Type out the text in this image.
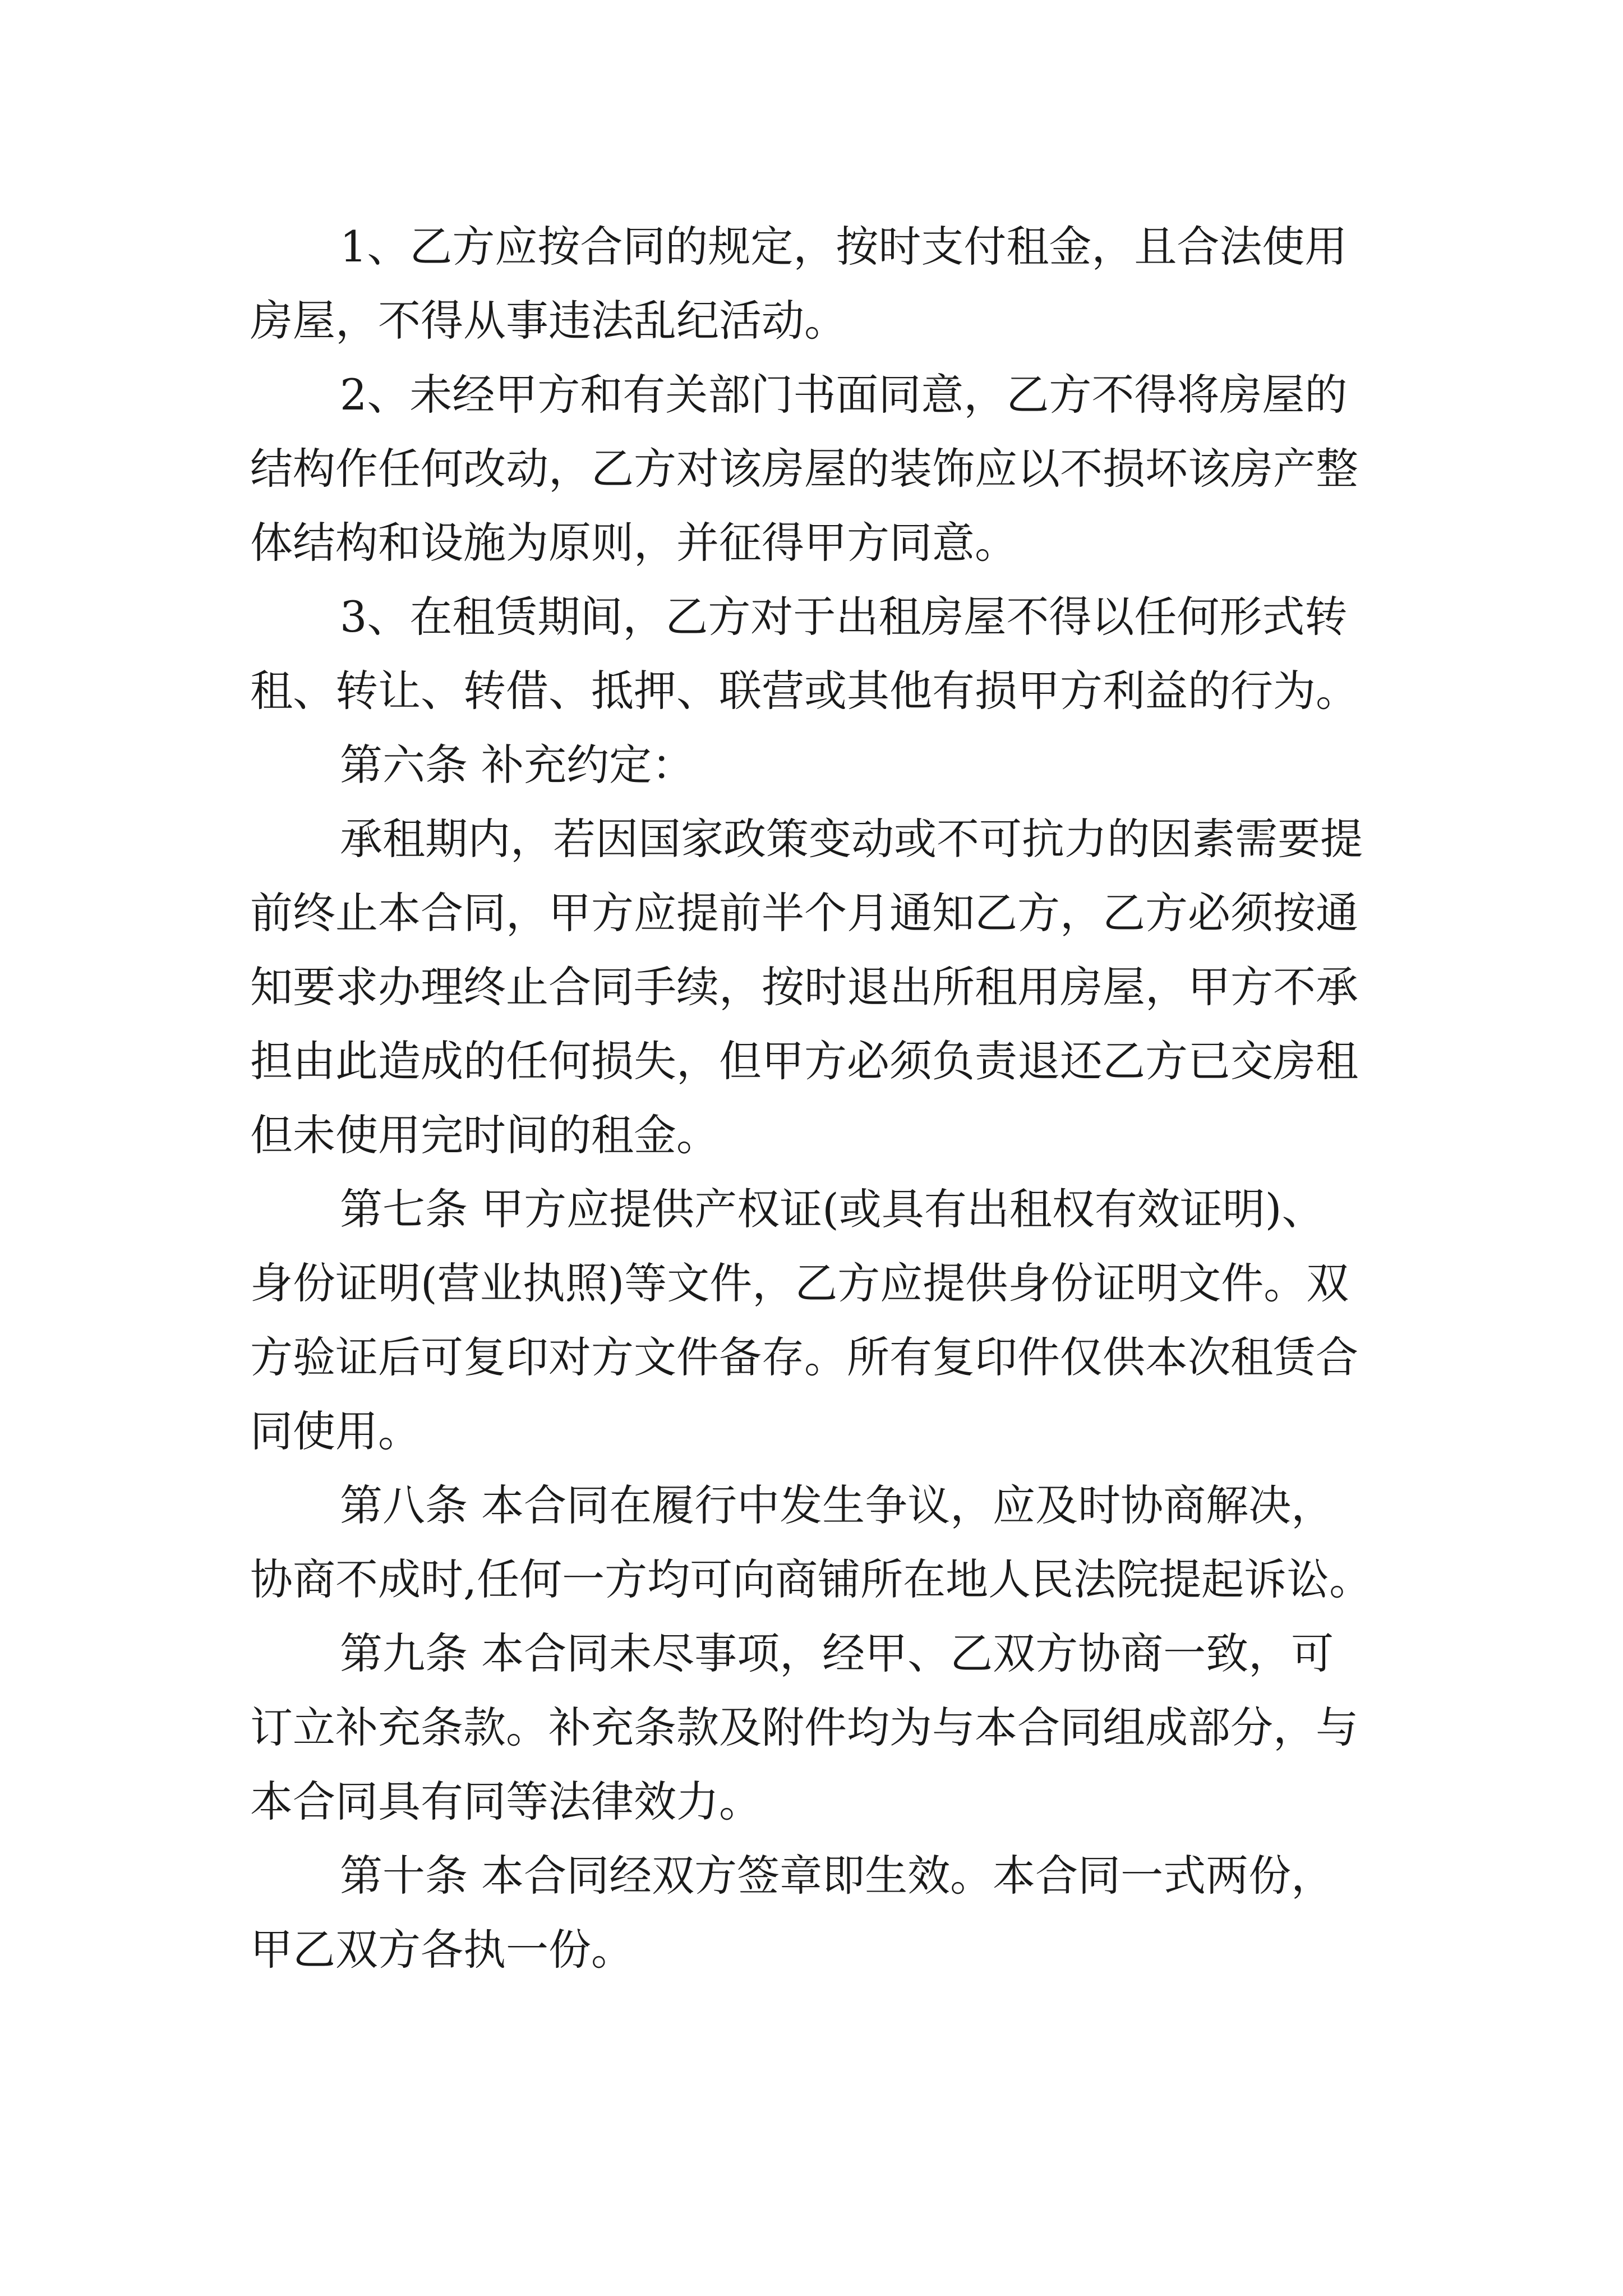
1、乙方应按合同的规定，按时支付租金，且合法使用
房屋，不得从事违法乱纪活动。
2、未经甲方和有关部门书面同意，乙方不得将房屋的
结构作任何改动，乙方对该房屋的装饰应以不损坏该房产整
体结构和设施为原则，并征得甲方同意。
3、在租赁期间，乙方对于出租房屋不得以任何形式转
租、转让、转借、抵押、联营或其他有损甲方利益的行为。
第六条 补充约定：
承租期内，若因国家政策变动或不可抗力的因素需要提
前终止本合同，甲方应提前半个月通知乙方，乙方必须按通
知要求办理终止合同手续，按时退出所租用房屋，甲方不承
担由此造成的任何损失，但甲方必须负责退还乙方已交房租
但未使用完时间的租金。
第七条 甲方应提供产权证(或具有出租权有效证明)、
身份证明(营业执照)等文件，乙方应提供身份证明文件。双
方验证后可复印对方文件备存。所有复印件仅供本次租赁合
同使用。
第八条 本合同在履行中发生争议，应及时协商解决，
协商不成时,任何一方均可向商铺所在地人民法院提起诉讼。
第九条 本合同未尽事项，经甲、乙双方协商一致，可
订立补充条款。补充条款及附件均为与本合同组成部分，与
本合同具有同等法律效力。
第十条 本合同经双方签章即生效。本合同一式两份，
甲乙双方各执一份。
